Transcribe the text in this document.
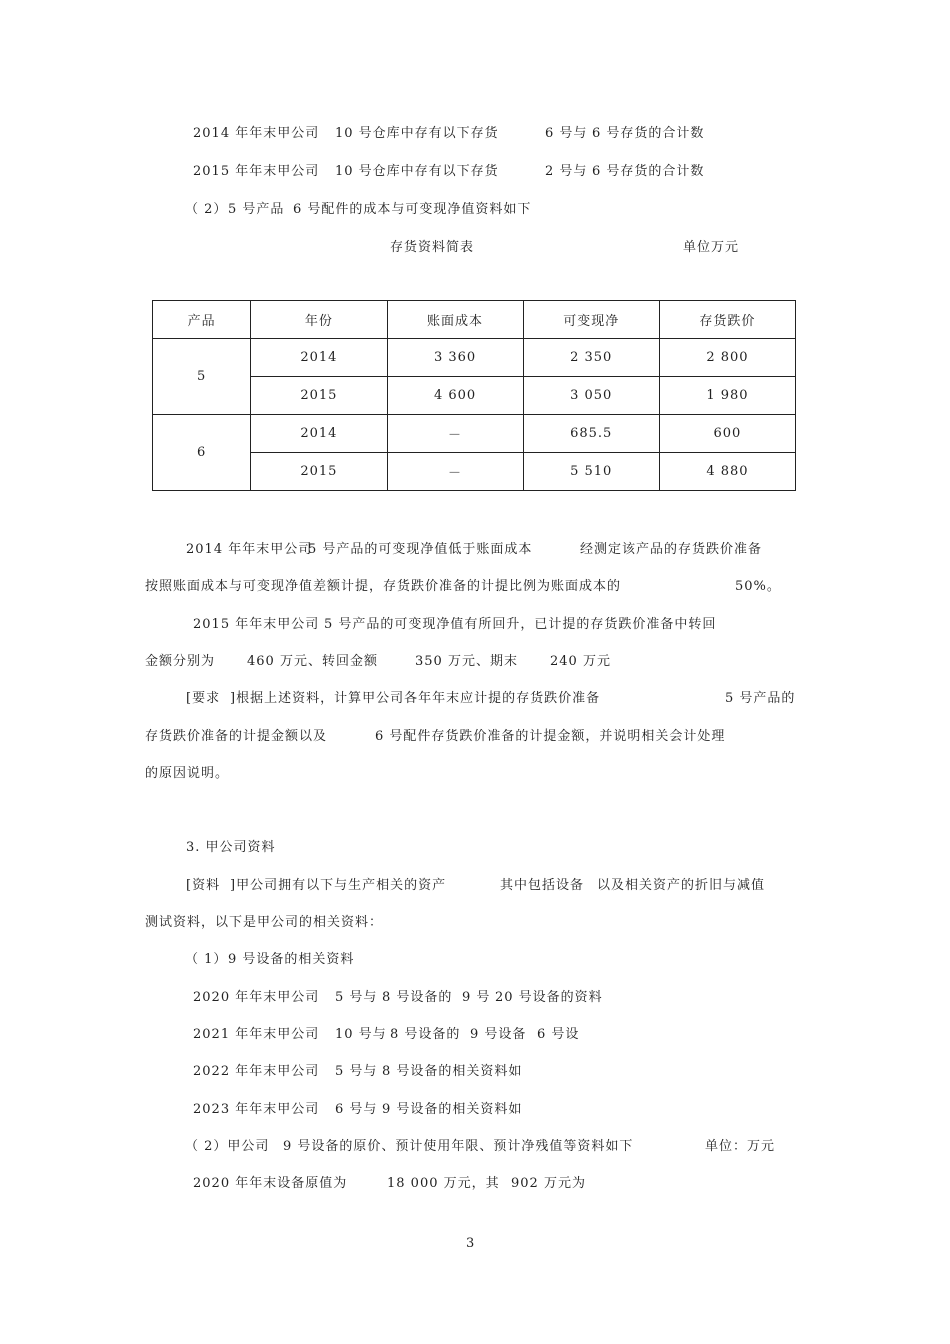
2014 年年末甲公司 10 号仓库中存有以下存货	6 号与 6 号存货的合计数
2015 年年末甲公司 10 号仓库中存有以下存货	2 号与 6 号存货的合计数
（ 2） 5 号产品 6 号配件的成本与可变现净值资料如下
存货资料简表	单位万元
产品	年份	账面成本	可变现净	存货跌价
5	2014	3 360	2 350	2 800
	2015	4 600	3 050	1 980
6	2014	－	685.5	600
	2015	－	5 510	4 880
2014 年年末甲公司
5 号产品的可变现净值低于账面成本	经测定该产品的存货跌价准备
按照账面成本与可变现净值差额计提，存货跌价准备的计提比例为账面成本的	50%。
2015 年年末甲公司 5 号产品的可变现净值有所回升，已计提的存货跌价准备中转回
金额分别为 460 万元、转回金额	350 万元、期末 240 万元
[要求 ]根据上述资料，计算甲公司各年年末应计提的存货跌价准备	5 号产品的
存货跌价准备的计提金额以及	6 号配件存货跌价准备的计提金额，并说明相关会计处理
的原因说明。
3. 甲公司资料
[资料 ]甲公司拥有以下与生产相关的资产	其中包括设备 以及相关资产的折旧与减值
测试资料，以下是甲公司的相关资料：
（ 1） 9 号设备的相关资料
2020 年年末甲公司 5 号与 8 号设备的 9 号 20 号设备的资料
2021 年年末甲公司 10 号与 8 号设备的 9 号设备 6 号设
2022 年年末甲公司 5 号与 8 号设备的相关资料如
2023 年年末甲公司 6 号与 9 号设备的相关资料如
（ 2）甲公司 9 号设备的原价、预计使用年限、预计净残值等资料如下	单位：万元
2020 年年末设备原值为	18 000 万元，其 902 万元为
3
